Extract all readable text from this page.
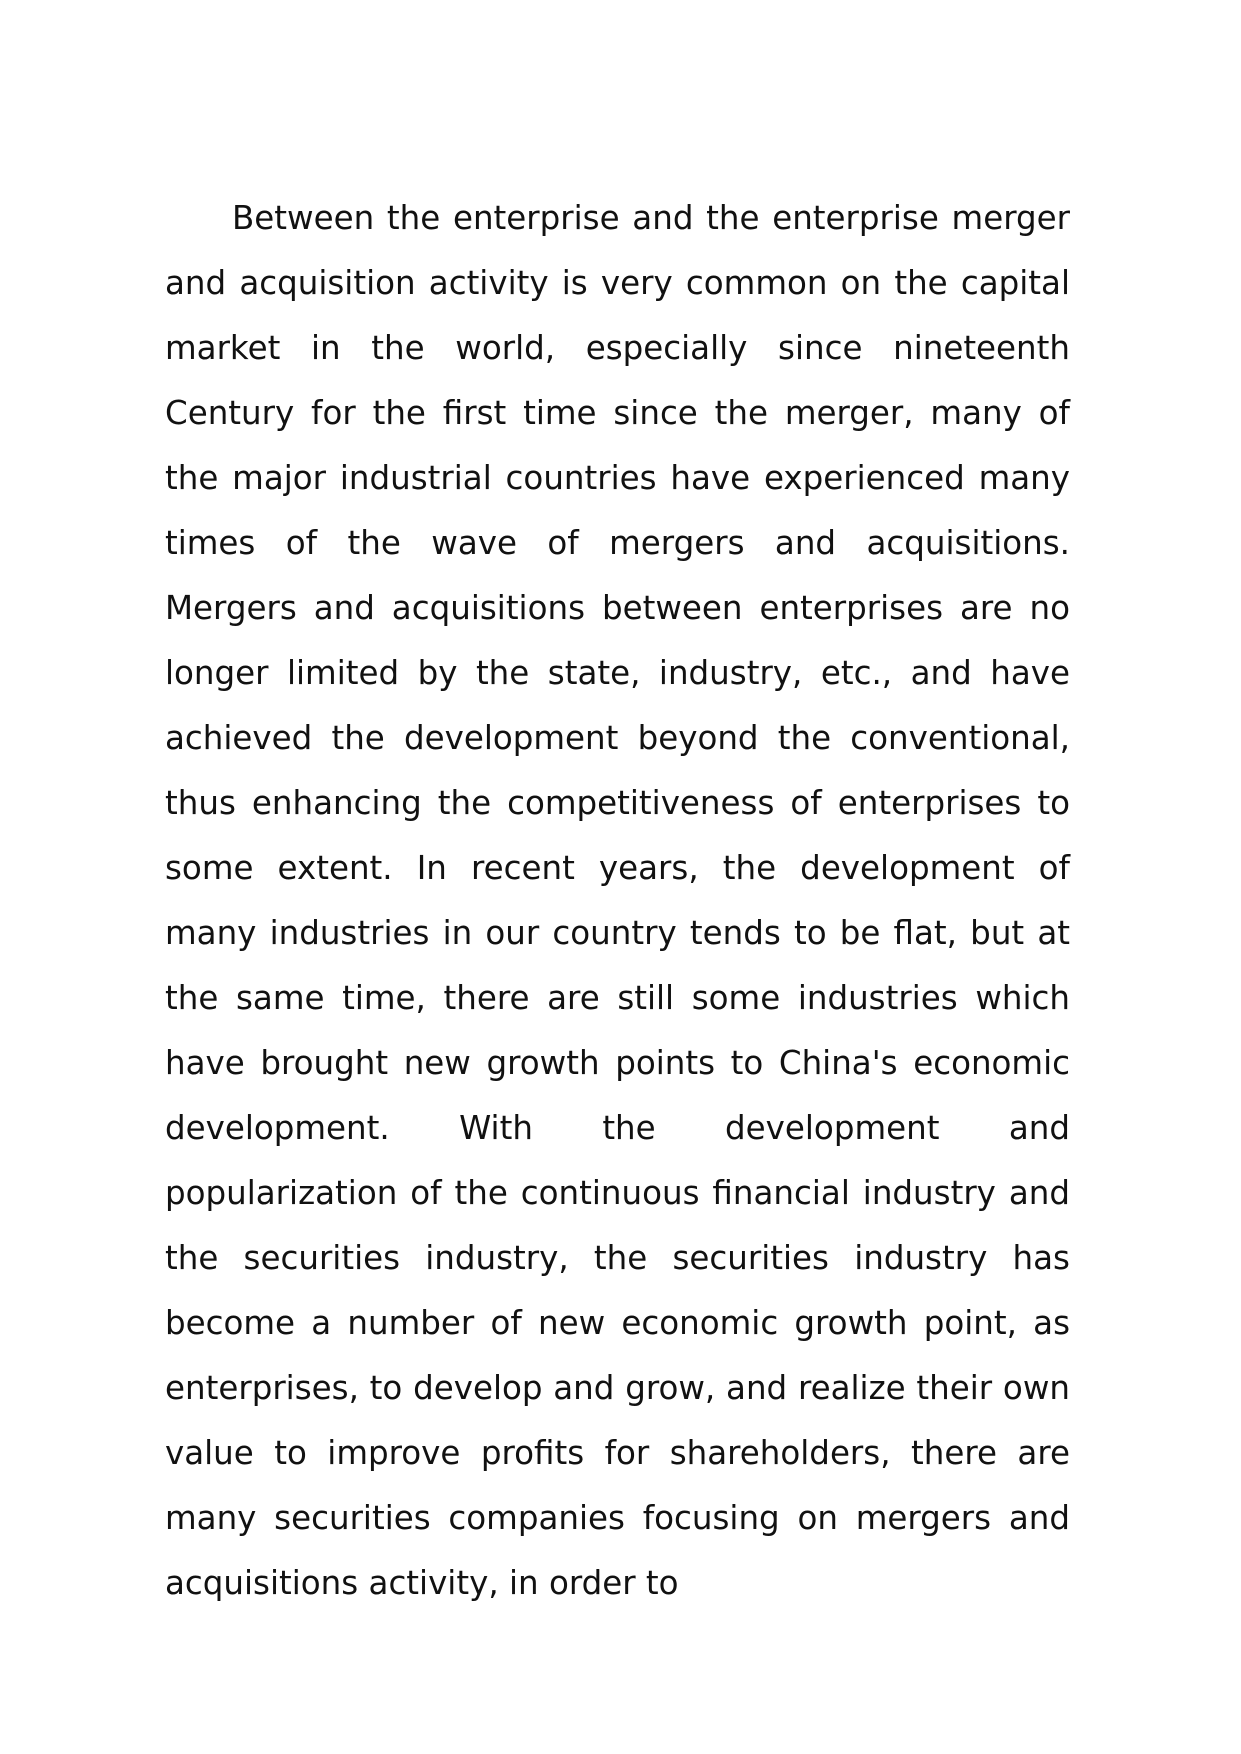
Between the enterprise and the enterprise merger and acquisition activity is very common on the capital market in the world, especially since nineteenth Century for the first time since the merger, many of the major industrial countries have experienced many times of the wave of mergers and acquisitions. Mergers and acquisitions between enterprises are no longer limited by the state, industry, etc., and have achieved the development beyond the conventional, thus enhancing the competitiveness of enterprises to some extent. In recent years, the development of many industries in our country tends to be flat, but at the same time, there are still some industries which have brought new growth points to China's economic development. With the development and popularization of the continuous financial industry and the securities industry, the securities industry has become a number of new economic growth point, as enterprises, to develop and grow, and realize their own value to improve profits for shareholders, there are many securities companies focusing on mergers and acquisitions activity, in order to
